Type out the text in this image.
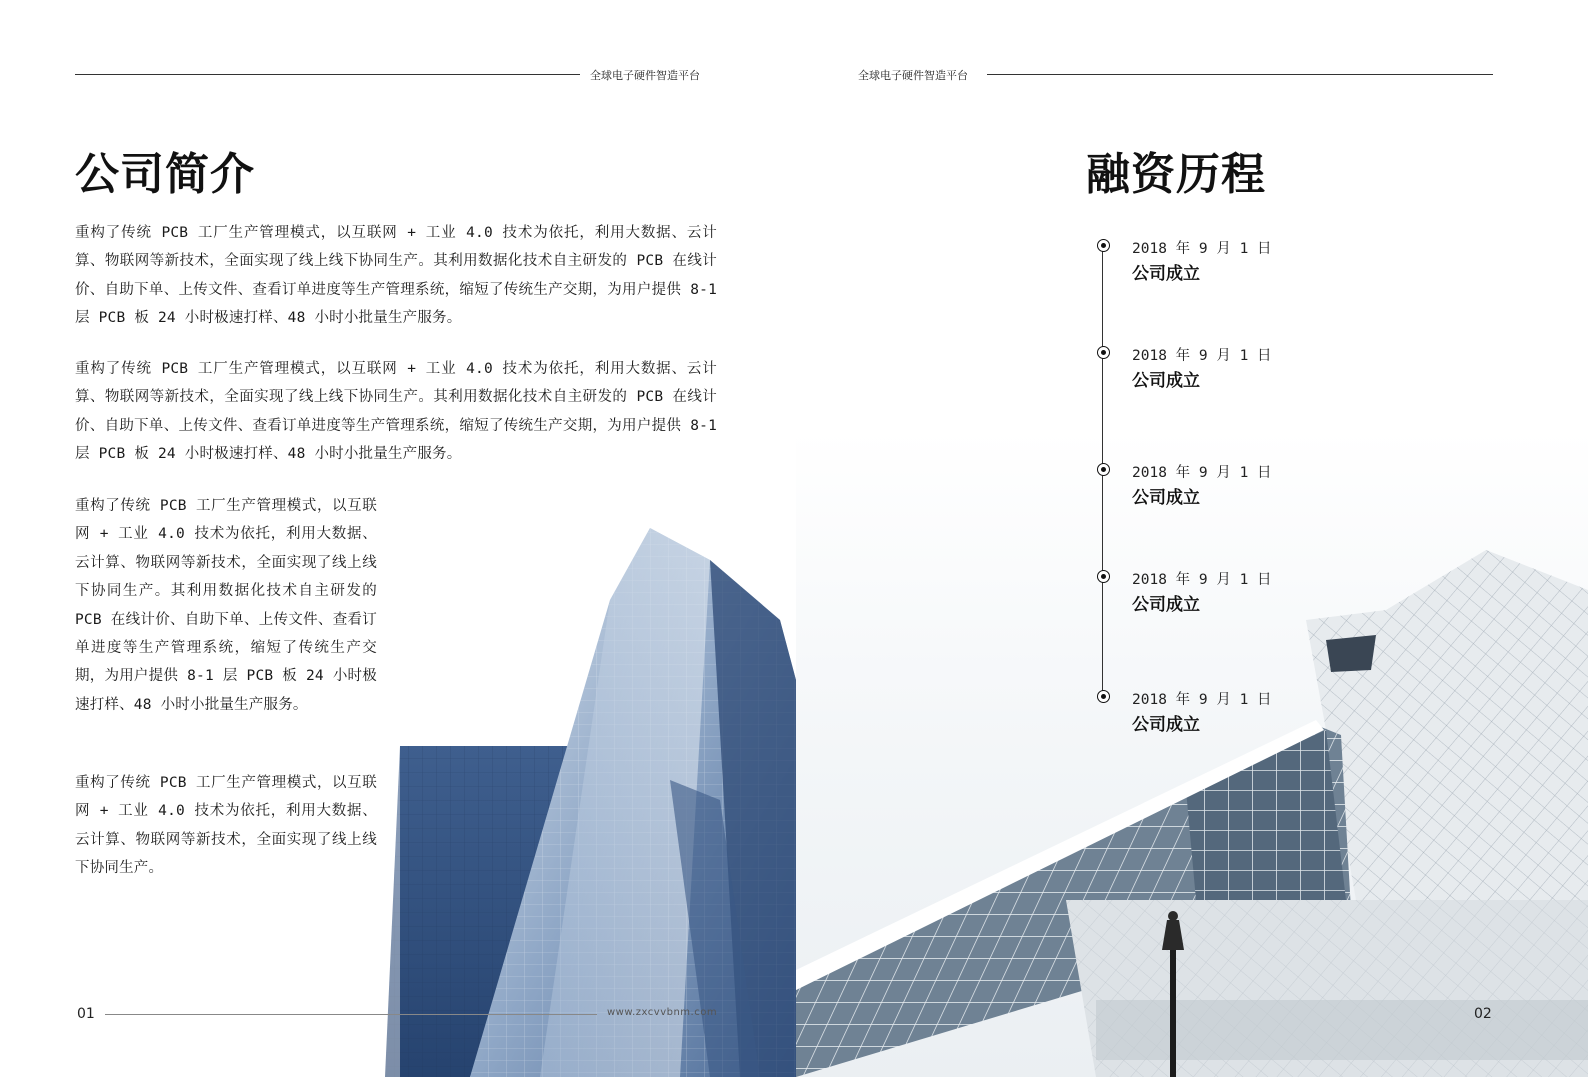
全球电子硬件智造平台
公司简介
重构了传统 PCB 工厂生产管理模式，以互联网 + 工业 4.0 技术为依托，利用大数据、云计算、物联网等新技术，全面实现了线上线下协同生产。其利用数据化技术自主研发的 PCB 在线计价、自助下单、上传文件、查看订单进度等生产管理系统，缩短了传统生产交期，为用户提供 8-1 层 PCB 板 24 小时极速打样、48 小时小批量生产服务。
重构了传统 PCB 工厂生产管理模式，以互联网 + 工业 4.0 技术为依托，利用大数据、云计算、物联网等新技术，全面实现了线上线下协同生产。其利用数据化技术自主研发的 PCB 在线计价、自助下单、上传文件、查看订单进度等生产管理系统，缩短了传统生产交期，为用户提供 8-1 层 PCB 板 24 小时极速打样、48 小时小批量生产服务。
重构了传统 PCB 工厂生产管理模式，以互联网 + 工业 4.0 技术为依托，利用大数据、云计算、物联网等新技术，全面实现了线上线下协同生产。其利用数据化技术自主研发的 PCB 在线计价、自助下单、上传文件、查看订单进度等生产管理系统，缩短了传统生产交期，为用户提供 8-1 层 PCB 板 24 小时极速打样、48 小时小批量生产服务。
重构了传统 PCB 工厂生产管理模式，以互联网 + 工业 4.0 技术为依托，利用大数据、云计算、物联网等新技术，全面实现了线上线下协同生产。
01	www.zxcvvbnm.com
全球电子硬件智造平台
融资历程
02
2018 年 9 月 1 日
公司成立
2018 年 9 月 1 日
公司成立
2018 年 9 月 1 日
公司成立
2018 年 9 月 1 日
公司成立
2018 年 9 月 1 日
公司成立
